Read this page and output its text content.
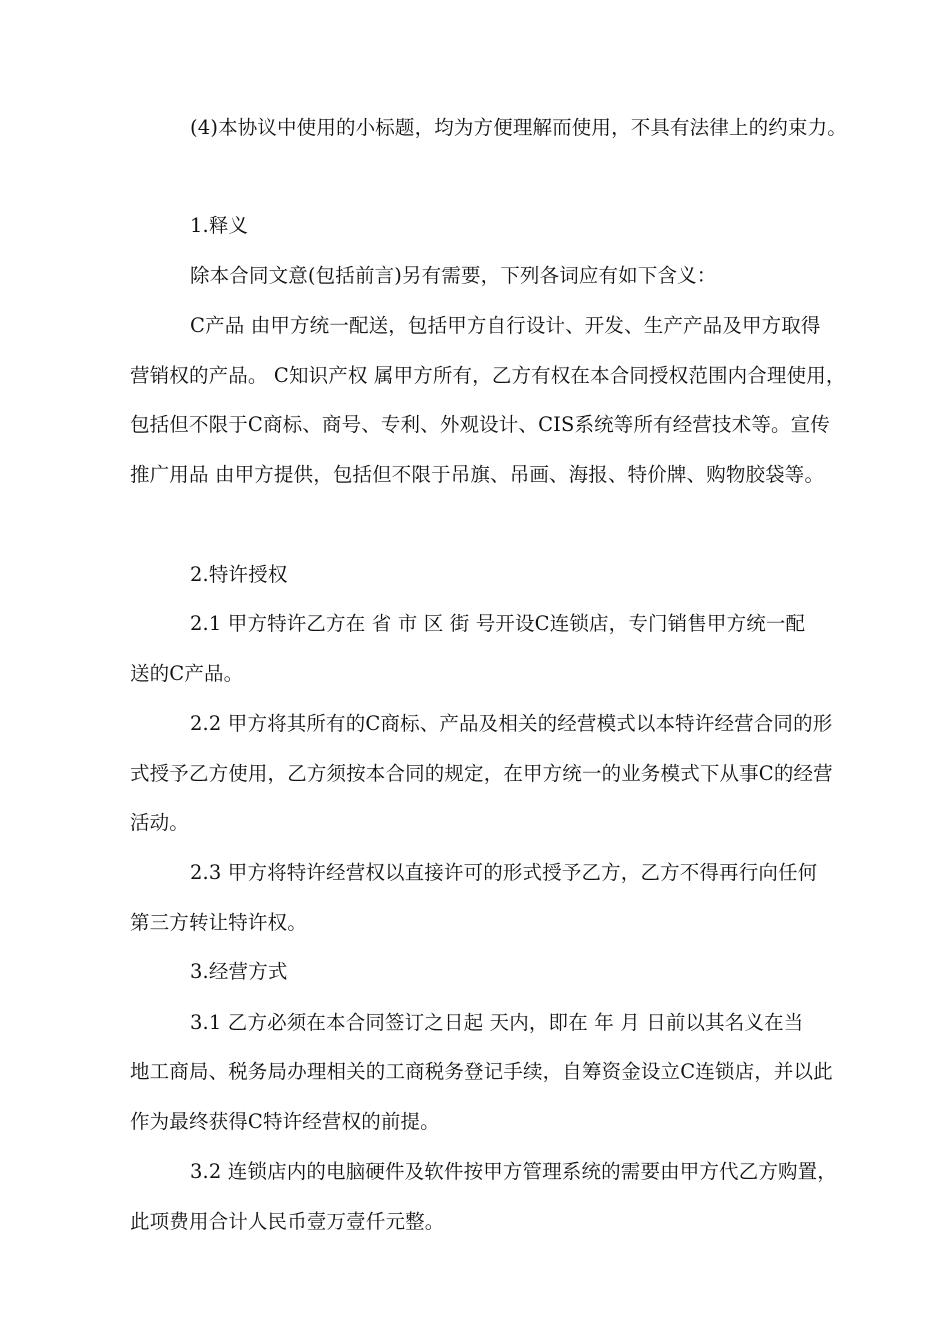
(4)本协议中使用的小标题，均为方便理解而使用，不具有法律上的约束力。
1.释义
除本合同文意(包括前言)另有需要，下列各词应有如下含义：
C产品 由甲方统一配送，包括甲方自行设计、开发、生产产品及甲方取得
营销权的产品。 C知识产权 属甲方所有，乙方有权在本合同授权范围内合理使用，
包括但不限于C商标、商号、专利、外观设计、CIS系统等所有经营技术等。宣传
推广用品 由甲方提供，包括但不限于吊旗、吊画、海报、特价牌、购物胶袋等。
2.特许授权
2.1 甲方特许乙方在 省 市 区 街 号开设C连锁店，专门销售甲方统一配
送的C产品。
2.2 甲方将其所有的C商标、产品及相关的经营模式以本特许经营合同的形
式授予乙方使用，乙方须按本合同的规定，在甲方统一的业务模式下从事C的经营
活动。
2.3 甲方将特许经营权以直接许可的形式授予乙方，乙方不得再行向任何
第三方转让特许权。
3.经营方式
3.1 乙方必须在本合同签订之日起 天内，即在 年 月 日前以其名义在当
地工商局、税务局办理相关的工商税务登记手续，自筹资金设立C连锁店，并以此
作为最终获得C特许经营权的前提。
3.2 连锁店内的电脑硬件及软件按甲方管理系统的需要由甲方代乙方购置，
此项费用合计人民币壹万壹仟元整。
